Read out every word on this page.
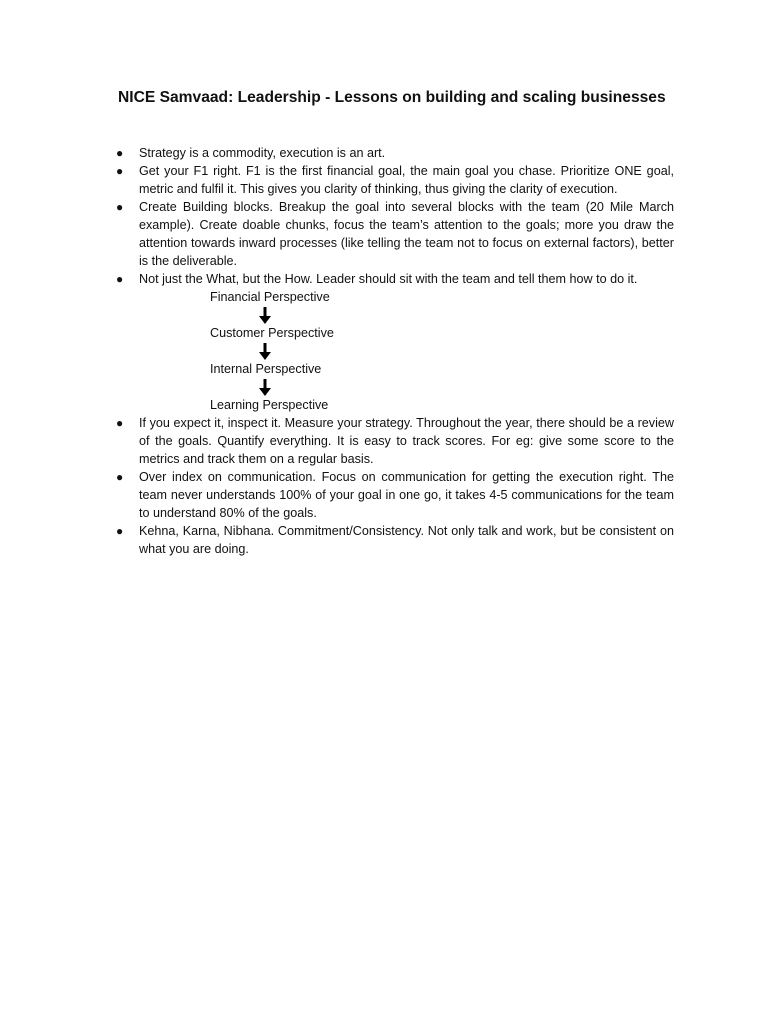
NICE Samvaad: Leadership - Lessons on building and scaling businesses
● Strategy is a commodity, execution is an art.
● Get your F1 right. F1 is the first financial goal, the main goal you chase. Prioritize ONE goal, metric and fulfil it. This gives you clarity of thinking, thus giving the clarity of execution.
● Create Building blocks. Breakup the goal into several blocks with the team (20 Mile March example). Create doable chunks, focus the team’s attention to the goals; more you draw the attention towards inward processes (like telling the team not to focus on external factors), better is the deliverable.
● Not just the What, but the How. Leader should sit with the team and tell them how to do it.
Financial Perspective
Customer Perspective
Internal Perspective
Learning Perspective
● If you expect it, inspect it. Measure your strategy. Throughout the year, there should be a review of the goals. Quantify everything. It is easy to track scores. For eg: give some score to the metrics and track them on a regular basis.
● Over index on communication. Focus on communication for getting the execution right. The team never understands 100% of your goal in one go, it takes 4-5 communications for the team to understand 80% of the goals.
● Kehna, Karna, Nibhana. Commitment/Consistency. Not only talk and work, but be consistent on what you are doing.
